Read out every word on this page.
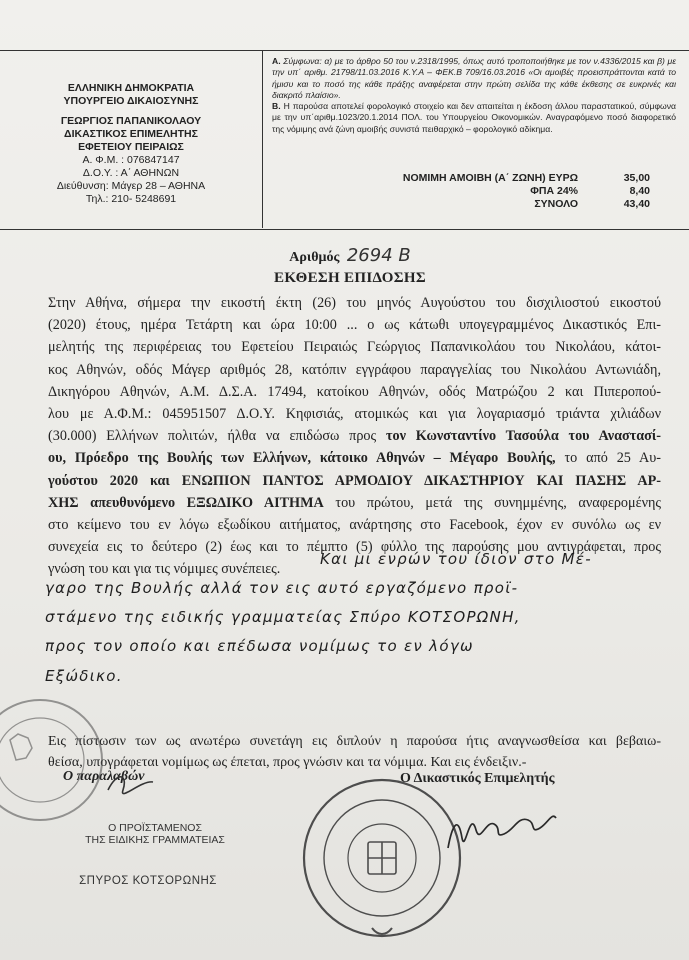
ΕΛΛΗΝΙΚΗ ΔΗΜΟΚΡΑΤΙΑ
ΥΠΟΥΡΓΕΙΟ ΔΙΚΑΙΟΣΥΝΗΣ
ΓΕΩΡΓΙΟΣ ΠΑΠΑΝΙΚΟΛΑΟΥ
ΔΙΚΑΣΤΙΚΟΣ ΕΠΙΜΕΛΗΤΗΣ
ΕΦΕΤΕΙΟΥ ΠΕΙΡΑΙΩΣ
Α. Φ.Μ. : 076847147
Δ.Ο.Υ. : Α΄ ΑΘΗΝΩΝ
Διεύθυνση: Μάγερ 28 – ΑΘΗΝΑ
Τηλ.: 210- 5248691
Α. Σύμφωνα: α) με το άρθρο 50 του ν.2318/1995, όπως αυτό τροποποιήθηκε με τον ν.4336/2015 και β) με την υπ΄ αριθμ. 21798/11.03.2016 Κ.Υ.Α – ΦΕΚ.Β 709/16.03.2016 «Οι αμοιβές προεισπράττονται κατά το ήμισυ και το ποσό της κάθε πράξης αναφέρεται στην πρώτη σελίδα της κάθε έκθεσης σε ευκρινές και διακριτό πλαίσιο».
Β. Η παρούσα αποτελεί φορολογικό στοιχείο και δεν απαιτείται η έκδοση άλλου παραστατικού, σύμφωνα με την υπ΄αριθμ.1023/20.1.2014 ΠΟΛ. του Υπουργείου Οικονομικών. Αναγραφόμενο ποσό διαφορετικό της νόμιμης ανά ζώνη αμοιβής συνιστά πειθαρχικό – φορολογικό αδίκημα.
ΝΟΜΙΜΗ ΑΜΟΙΒΗ (Α΄ ΖΩΝΗ) ΕΥΡΩ	35,00
ΦΠΑ 24%	8,40
ΣΥΝΟΛΟ	43,40
Αριθμός 2694 Β
ΕΚΘΕΣΗ ΕΠΙΔΟΣΗΣ
Στην Αθήνα, σήμερα την εικοστή έκτη (26) του μηνός Αυγούστου του δισχιλιοστού εικοστού
(2020) έτους, ημέρα Τετάρτη και ώρα 10:00 ... ο ως κάτωθι υπογεγραμμένος Δικαστικός Επι-
μελητής της περιφέρειας του Εφετείου Πειραιώς Γεώργιος Παπανικολάου του Νικολάου, κάτοι-
κος Αθηνών, οδός Μάγερ αριθμός 28, κατόπιν εγγράφου παραγγελίας του Νικολάου Αντωνιάδη,
Δικηγόρου Αθηνών, Α.Μ. Δ.Σ.Α. 17494, κατοίκου Αθηνών, οδός Ματρώζου 2 και Πιπεροπού-
λου με Α.Φ.Μ.: 045951507 Δ.Ο.Υ. Κηφισιάς, ατομικώς και για λογαριασμό τριάντα χιλιάδων
(30.000) Ελλήνων πολιτών, ήλθα να επιδώσω προς τον Κωνσταντίνο Τασούλα του Αναστασί-
ου, Πρόεδρο της Βουλής των Ελλήνων, κάτοικο Αθηνών – Μέγαρο Βουλής, το από 25 Αυ-
γούστου 2020 και ΕΝΩΠΙΟΝ ΠΑΝΤΟΣ ΑΡΜΟΔΙΟΥ ΔΙΚΑΣΤΗΡΙΟΥ ΚΑΙ ΠΑΣΗΣ ΑΡ-
ΧΗΣ απευθυνόμενο ΕΞΩΔΙΚΟ ΑΙΤΗΜΑ του πρώτου, μετά της συνημμένης, αναφερομένης
στο κείμενο του εν λόγω εξωδίκου αιτήματος, ανάρτησης στο Facebook, έχον εν συνόλω ως εν
συνεχεία εις το δεύτερο (2) έως και το πέμπτο (5) φύλλο της παρούσης μου αντιγράφεται, προς
γνώση του και για τις νόμιμες συνέπειες.
Και μι ενρών του ίδιον στο Μέ-
γαρο της Βουλής αλλά τον εις αυτό εργαζόμενο προϊ-
στάμενο της ειδικής γραμματείας Σπύρο ΚΟΤΣΟΡΩΝΗ,
προς τον οποίο και επέδωσα νομίμως το εν λόγω
Εξώδικο.
Εις πίστωσιν των ως ανωτέρω συνετάγη εις διπλούν η παρούσα ήτις αναγνωσθείσα και βεβαιω-
θείσα, υπογράφεται νομίμως ως έπεται, προς γνώσιν και τα νόμιμα. Και εις ένδειξιν.-
Ο παραλαβών	Ο Δικαστικός Επιμελητής
Ο ΠΡΟΪΣΤΑΜΕΝΟΣ
ΤΗΣ ΕΙΔΙΚΗΣ ΓΡΑΜΜΑΤΕΙΑΣ
ΣΠΥΡΟΣ ΚΟΤΣΟΡΩΝΗΣ
